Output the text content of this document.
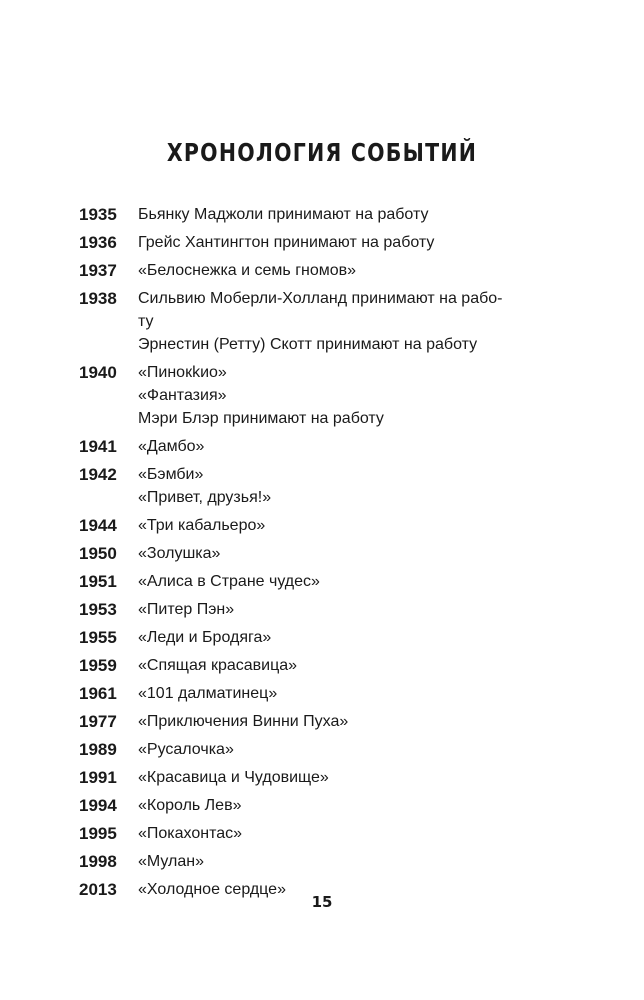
ХРОНОЛОГИЯ СОБЫТИЙ
1935	Бьянку Маджоли принимают на работу
1936	Грейс Хантингтон принимают на работу
1937	«Белоснежка и семь гномов»
1938	Сильвию Моберли-Холланд принимают на рабо-
ту
Эрнестин (Ретту) Скотт принимают на работу
1940	«Пинокkио»
«Фантазия»
Мэри Блэр принимают на работу
1941	«Дамбо»
1942	«Бэмби»
«Привет, друзья!»
1944	«Три кабальеро»
1950	«Золушка»
1951	«Алиса в Стране чудес»
1953	«Питер Пэн»
1955	«Леди и Бродяга»
1959	«Спящая красавица»
1961	«101 далматинец»
1977	«Приключения Винни Пуха»
1989	«Русалочка»
1991	«Красавица и Чудовище»
1994	«Король Лев»
1995	«Покахонтас»
1998	«Мулан»
2013	«Холодное сердце»
15
